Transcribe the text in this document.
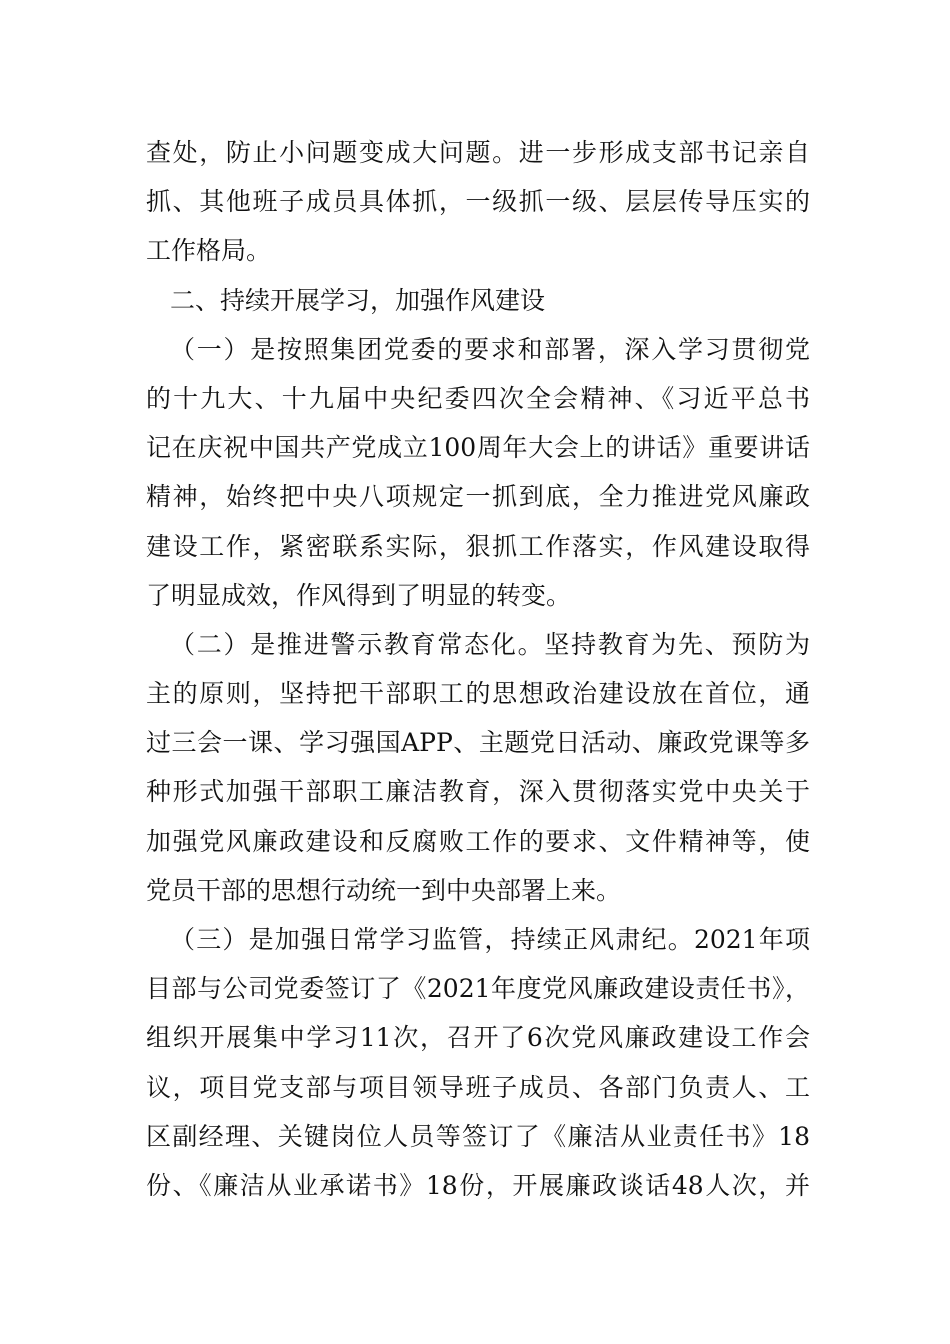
查处，防止小问题变成大问题。进一步形成支部书记亲自
抓、其他班子成员具体抓，一级抓一级、层层传导压实的
工作格局。
二、持续开展学习，加强作风建设
（一）是按照集团党委的要求和部署，深入学习贯彻党
的十九大、十九届中央纪委四次全会精神、《习近平总书
记在庆祝中国共产党成立100周年大会上的讲话》重要讲话
精神，始终把中央八项规定一抓到底，全力推进党风廉政
建设工作，紧密联系实际，狠抓工作落实，作风建设取得
了明显成效，作风得到了明显的转变。
（二）是推进警示教育常态化。坚持教育为先、预防为
主的原则，坚持把干部职工的思想政治建设放在首位，通
过三会一课、学习强国APP、主题党日活动、廉政党课等多
种形式加强干部职工廉洁教育，深入贯彻落实党中央关于
加强党风廉政建设和反腐败工作的要求、文件精神等，使
党员干部的思想行动统一到中央部署上来。
（三）是加强日常学习监管，持续正风肃纪。2021年项
目部与公司党委签订了《2021年度党风廉政建设责任书》，
组织开展集中学习11次，召开了6次党风廉政建设工作会
议，项目党支部与项目领导班子成员、各部门负责人、工
区副经理、关键岗位人员等签订了《廉洁从业责任书》18
份、《廉洁从业承诺书》18份，开展廉政谈话48人次，并
